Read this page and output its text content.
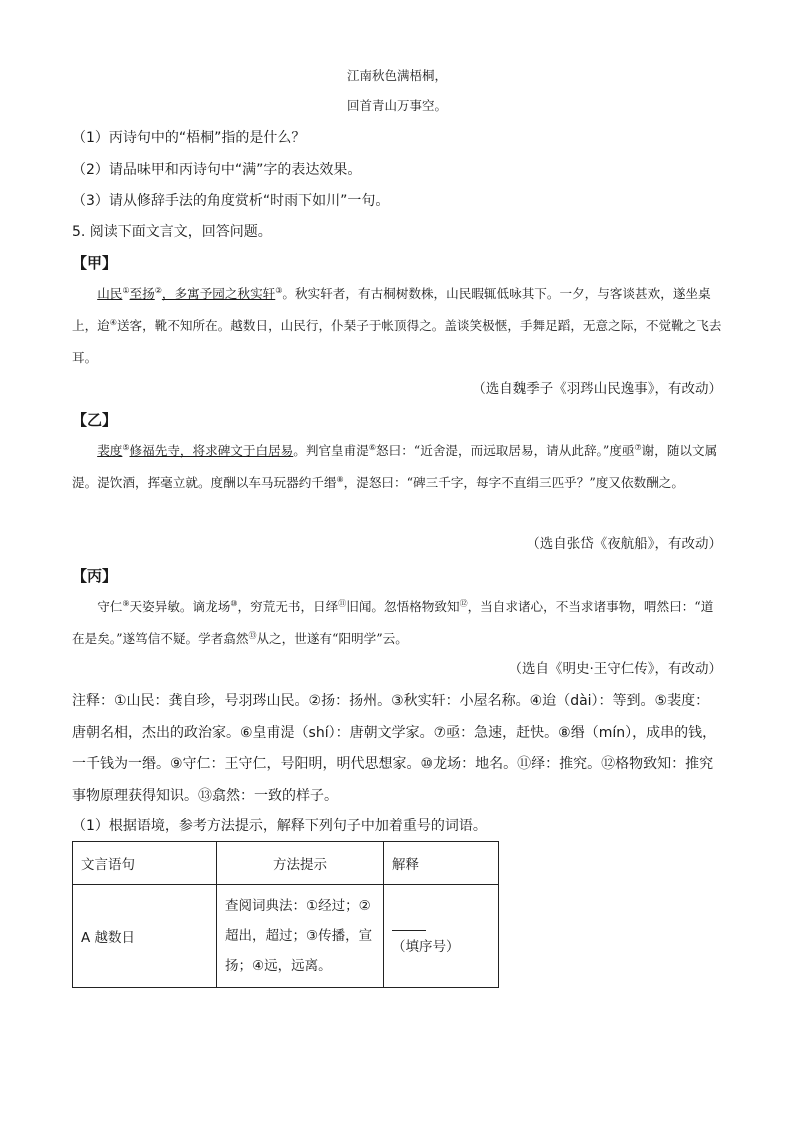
江南秋色满梧桐，
回首青山万事空。
（1）丙诗句中的“梧桐”指的是什么？
（2）请品味甲和丙诗句中“满”字的表达效果。
（3）请从修辞手法的角度赏析“时雨下如川”一句。
5. 阅读下面文言文，回答问题。
【甲】
山民①至扬②，多寓予园之秋实轩③。秋实轩者，有古桐树数株，山民暇辄低咏其下。一夕，与客谈甚欢，遂坐桌上，迨④送客，靴不知所在。越数日，山民行，仆琹子于帐顶得之。盖谈笑极惬，手舞足蹈，无意之际，不觉靴之飞去耳。
（选自魏季子《羽琌山民逸事》，有改动）
【乙】
裴度⑤修福先寺，将求碑文于白居易。判官皇甫湜⑥怒曰：“近舍湜，而远取居易，请从此辞。”度亟⑦谢，随以文属湜。湜饮酒，挥毫立就。度酬以车马玩器约千缗⑧，湜怒曰：“碑三千字，每字不直绢三匹乎？”度又依数酬之。
（选自张岱《夜航船》，有改动）
【丙】
守仁⑨天姿异敏。谪龙场⑩，穷荒无书，日绎⑪旧闻。忽悟格物致知⑫，当自求诸心，不当求诸事物，喟然曰：“道在是矣。”遂笃信不疑。学者翕然⑬从之，世遂有“阳明学”云。
（选自《明史·王守仁传》，有改动）
注释：①山民：龚自珍，号羽琌山民。②扬：扬州。③秋实轩：小屋名称。④迨（dài）：等到。⑤裴度：唐朝名相，杰出的政治家。⑥皇甫湜（shí）：唐朝文学家。⑦亟：急速，赶快。⑧缗（mín），成串的钱，一千钱为一缗。⑨守仁：王守仁，号阳明，明代思想家。⑩龙场：地名。⑪绎：推究。⑫格物致知：推究事物原理获得知识。⑬翕然：一致的样子。
（1）根据语境，参考方法提示，解释下列句子中加着重号的词语。
文言语句	方法提示	解释
A 越数日	查阅词典法：①经过；②超出，超过；③传播，宣扬；④远，远离。	（填序号）
